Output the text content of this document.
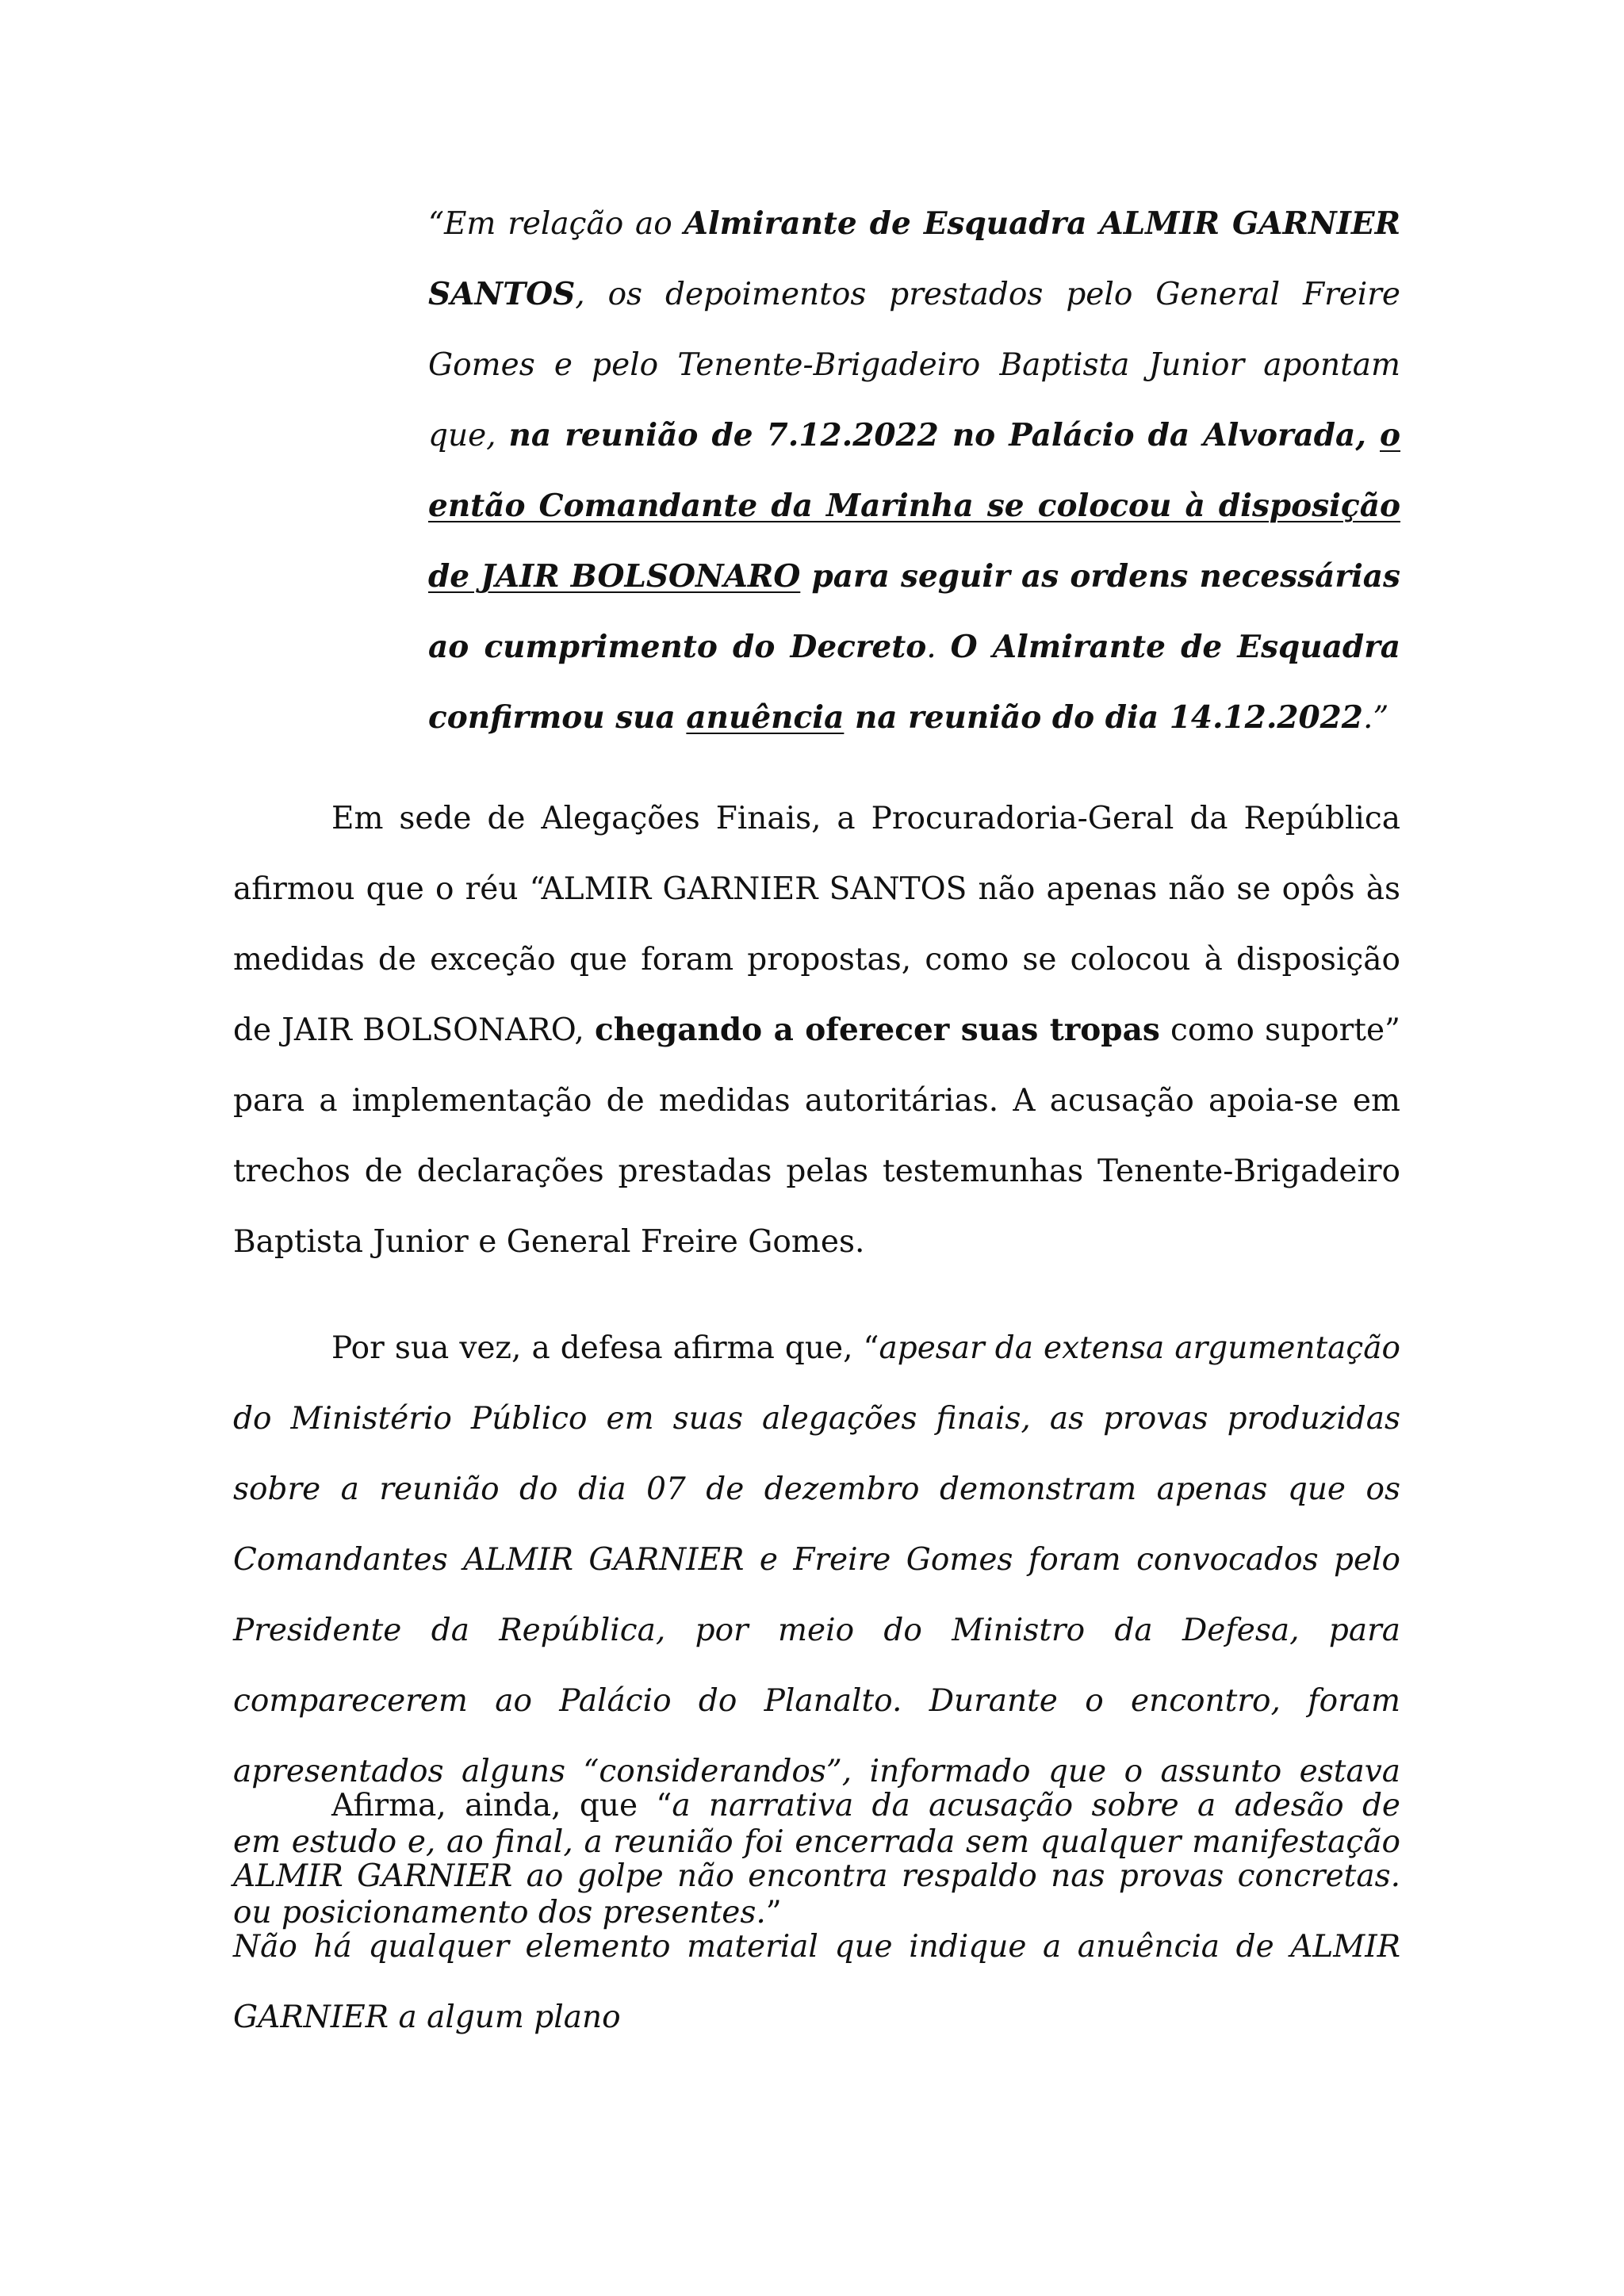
“Em relação ao Almirante de Esquadra ALMIR GARNIER SANTOS, os depoimentos prestados pelo General Freire Gomes e pelo Tenente-Brigadeiro Baptista Junior apontam que, na reunião de 7.12.2022 no Palácio da Alvorada, o então Comandante da Marinha se colocou à disposição de JAIR BOLSONARO para seguir as ordens necessárias ao cumprimento do Decreto. O Almirante de Esquadra confirmou sua anuência na reunião do dia 14.12.2022.”

Em sede de Alegações Finais, a Procuradoria-Geral da República afirmou que o réu “ALMIR GARNIER SANTOS não apenas não se opôs às medidas de exceção que foram propostas, como se colocou à disposição de JAIR BOLSONARO, chegando a oferecer suas tropas como suporte” para a implementação de medidas autoritárias. A acusação apoia-se em trechos de declarações prestadas pelas testemunhas Tenente-Brigadeiro Baptista Junior e General Freire Gomes.

Por sua vez, a defesa afirma que, “apesar da extensa argumentação do Ministério Público em suas alegações finais, as provas produzidas sobre a reunião do dia 07 de dezembro demonstram apenas que os Comandantes ALMIR GARNIER e Freire Gomes foram convocados pelo Presidente da República, por meio do Ministro da Defesa, para comparecerem ao Palácio do Planalto. Durante o encontro, foram apresentados alguns “considerandos”, informado que o assunto estava em estudo e, ao final, a reunião foi encerrada sem qualquer manifestação ou posicionamento dos presentes.”

Afirma, ainda, que “a narrativa da acusação sobre a adesão de ALMIR GARNIER ao golpe não encontra respaldo nas provas concretas. Não há qualquer elemento material que indique a anuência de ALMIR GARNIER a algum plano
